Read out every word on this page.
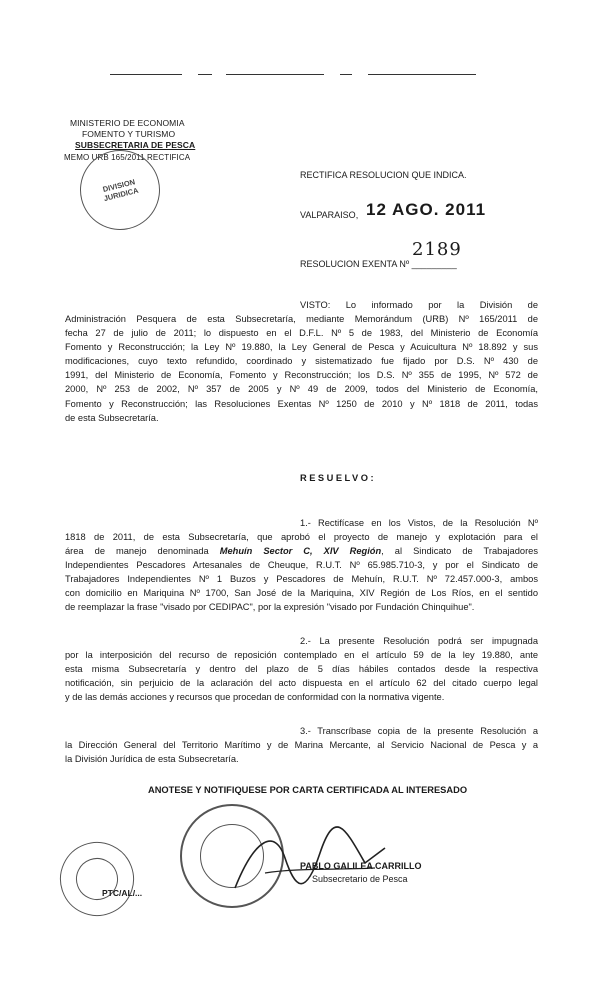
MINISTERIO DE ECONOMIA
FOMENTO Y TURISMO
SUBSECRETARIA DE PESCA
MEMO URB 165/2011 RECTIFICA
DIVISION JURIDICA
RECTIFICA RESOLUCION QUE INDICA.
VALPARAISO, 12 AGO. 2011
2189
RESOLUCION EXENTA Nº _________
VISTO: Lo informado por la División de
Administración Pesquera de esta Subsecretaría, mediante Memorándum (URB) Nº 165/2011 de
fecha 27 de julio de 2011; lo dispuesto en el D.F.L. Nº 5 de 1983, del Ministerio de Economía
Fomento y Reconstrucción; la Ley Nº 19.880, la Ley General de Pesca y Acuicultura Nº 18.892 y sus
modificaciones, cuyo texto refundido, coordinado y sistematizado fue fijado por D.S. Nº 430 de
1991, del Ministerio de Economía, Fomento y Reconstrucción; los D.S. Nº 355 de 1995, Nº 572 de
2000, Nº 253 de 2002, Nº 357 de 2005 y Nº 49 de 2009, todos del Ministerio de Economía,
Fomento y Reconstrucción; las Resoluciones Exentas Nº 1250 de 2010 y Nº 1818 de 2011, todas
de esta Subsecretaría.
RESUELVO:
1.- Rectifícase en los Vistos, de la Resolución Nº
1818 de 2011, de esta Subsecretaría, que aprobó el proyecto de manejo y explotación para el
área de manejo denominada Mehuín Sector C, XIV Región, al Sindicato de Trabajadores
Independientes Pescadores Artesanales de Cheuque, R.U.T. Nº 65.985.710-3, y por el Sindicato de
Trabajadores Independientes Nº 1 Buzos y Pescadores de Mehuín, R.U.T. Nº 72.457.000-3, ambos
con domicilio en Mariquina Nº 1700, San José de la Mariquina, XIV Región de Los Ríos, en el sentido
de reemplazar la frase "visado por CEDIPAC", por la expresión "visado por Fundación Chinquihue".
2.- La presente Resolución podrá ser impugnada
por la interposición del recurso de reposición contemplado en el artículo 59 de la ley 19.880, ante
esta misma Subsecretaría y dentro del plazo de 5 días hábiles contados desde la respectiva
notificación, sin perjuicio de la aclaración del acto dispuesta en el artículo 62 del citado cuerpo legal
y de las demás acciones y recursos que procedan de conformidad con la normativa vigente.
3.- Transcríbase copia de la presente Resolución a
la Dirección General del Territorio Marítimo y de Marina Mercante, al Servicio Nacional de Pesca y a
la División Jurídica de esta Subsecretaría.
ANOTESE Y NOTIFIQUESE POR CARTA CERTIFICADA AL INTERESADO
PABLO GALILEA CARRILLO
Subsecretario de Pesca
PTC/AL/...
